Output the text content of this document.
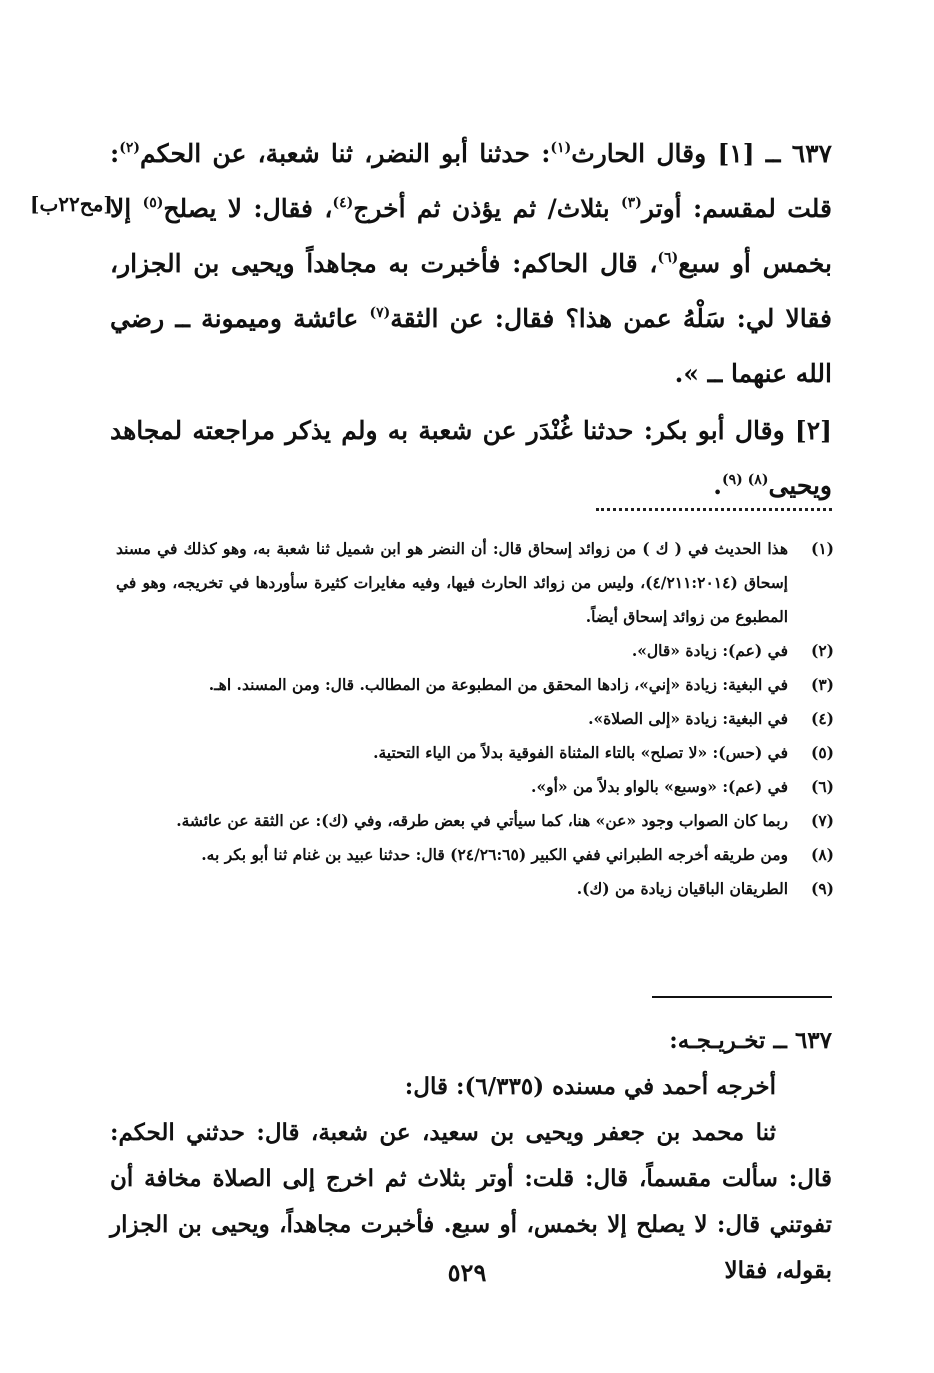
٦٣٧ ــ [١] وقال الحارث$^{(١)}$: حدثنا أبو النضر، ثنا شعبة، عن الحكم$^{(٢)}$: قلت لمقسم: أوتر$^{(٣)}$ بثلاث/ ثم يؤذن ثم أخرج$^{(٤)}$، فقال: لا يصلح$^{(٥)}$ إلا بخمس أو سبع$^{(٦)}$، قال الحاكم: فأخبرت به مجاهداً ويحيى بن الجزار، فقالا لي: سَلْهُ عمن هذا؟ فقال: عن الثقة$^{(٧)}$ عائشة وميمونة ــ رضي الله عنهما ــ ».

[٢] وقال أبو بكر: حدثنا غُنْدَر عن شعبة به ولم يذكر مراجعته لمجاهد ويحيى$^{(٨) (٩)}$.

[مح٢٢ب]
(١)
هذا الحديث في ( ك ) من زوائد إسحاق قال: أن النضر هو ابن شميل ثنا شعبة به، وهو كذلك في مسند إسحاق (٤/٢١١:٢٠١٤)، وليس من زوائد الحارث فيها، وفيه مغايرات كثيرة سأوردها في تخريجه، وهو في المطبوع من زوائد إسحاق أيضاً.
(٢)
في (عم): زيادة «قال».
(٣)
في البغية: زيادة «إني»، زادها المحقق من المطبوعة من المطالب. قال: ومن المسند. اهـ.
(٤)
في البغية: زيادة «إلى الصلاة».
(٥)
في (حس): «لا تصلح» بالتاء المثناة الفوقية بدلاً من الياء التحتية.
(٦)
في (عم): «وسبع» بالواو بدلاً من «أو».
(٧)
ربما كان الصواب وجود «عن» هنا، كما سيأتي في بعض طرقه، وفي (ك): عن الثقة عن عائشة.
(٨)
ومن طريقه أخرجه الطبراني ففي الكبير (٢٤/٢٦:٦٥) قال: حدثنا عبيد بن غنام ثنا أبو بكر به.
(٩)
الطريقان الباقيان زيادة من (ك).
٦٣٧ ــ تخـريـجـه:
أخرجه أحمد في مسنده (٦/٣٣٥): قال:
ثنا محمد بن جعفر ويحيى بن سعيد، عن شعبة، قال: حدثني الحكم: قال: سألت مقسماً، قال: قلت: أوتر بثلاث ثم اخرج إلى الصلاة مخافة أن تفوتني قال: لا يصلح إلا بخمس، أو سبع. فأخبرت مجاهداً، ويحيى بن الجزار بقوله، فقالا
٥٢٩
